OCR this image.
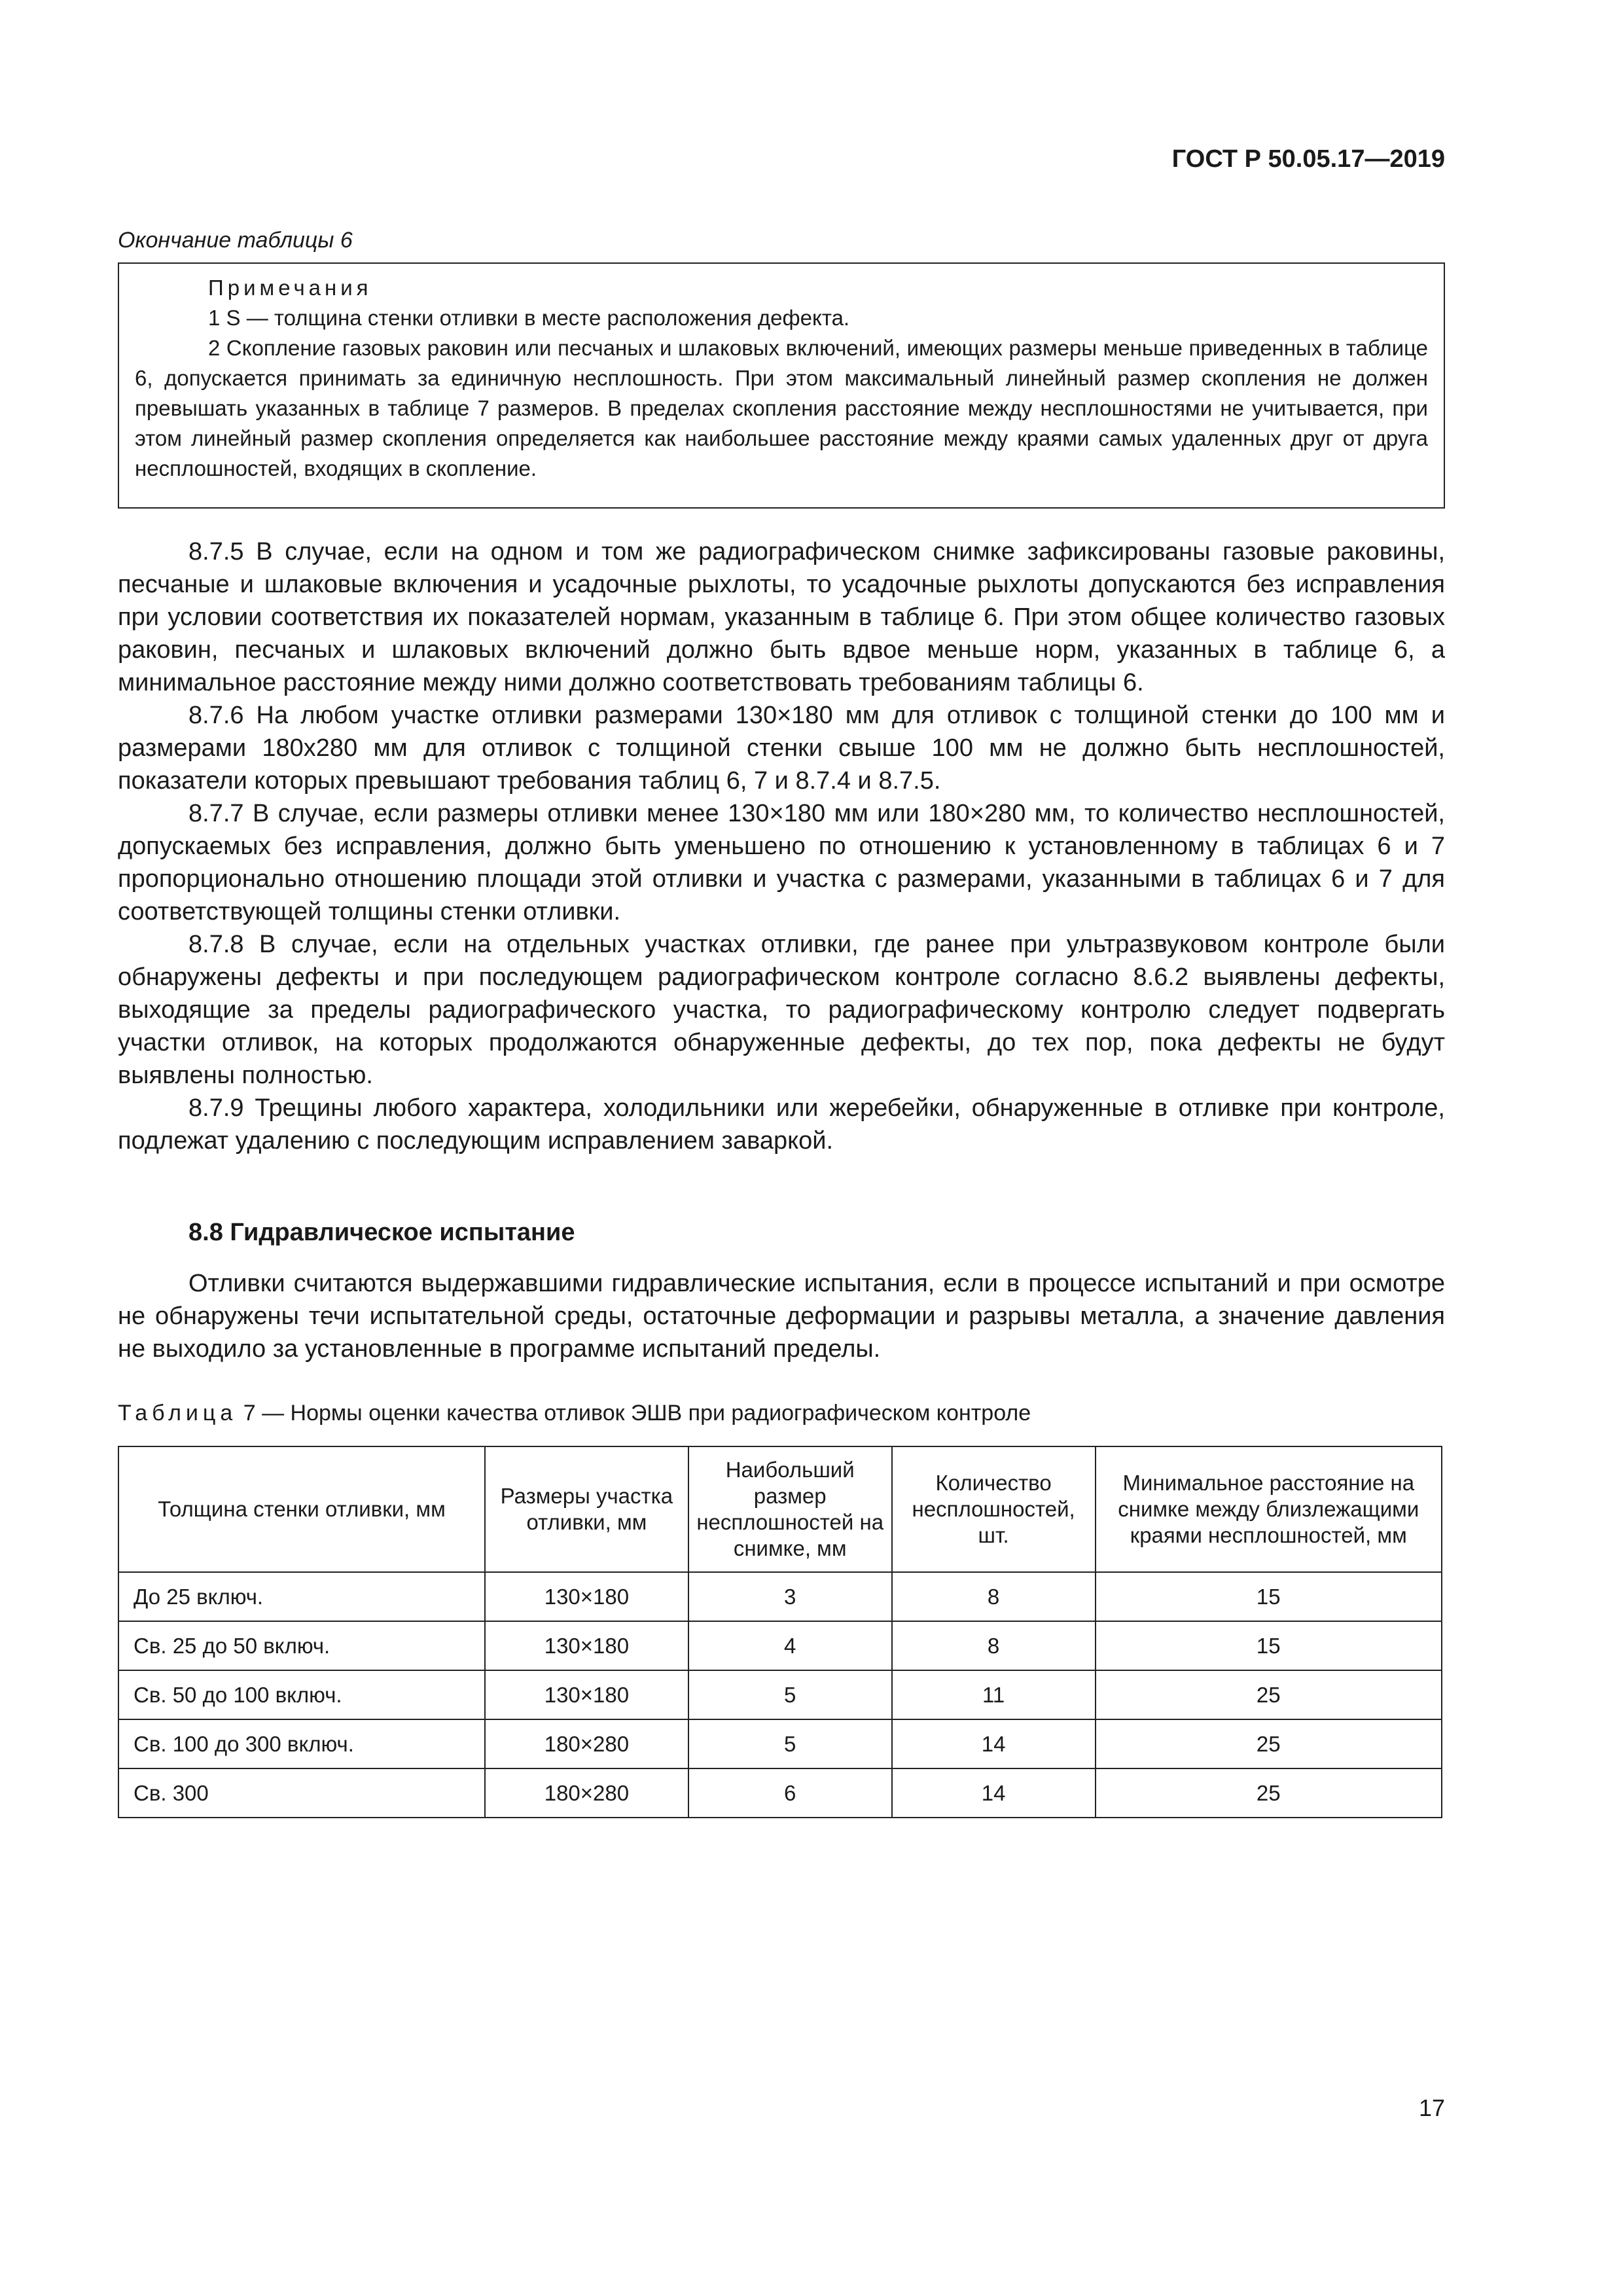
ГОСТ Р 50.05.17—2019
Окончание таблицы 6

Примечания

1 S — толщина стенки отливки в месте расположения дефекта.

2 Скопление газовых раковин или песчаных и шлаковых включений, имеющих размеры меньше приведенных в таблице 6, допускается принимать за единичную несплошность. При этом максимальный линейный размер скопления не должен превышать указанных в таблице 7 размеров. В пределах скопления расстояние между несплошностями не учитывается, при этом линейный размер скопления определяется как наибольшее расстояние между краями самых удаленных друг от друга несплошностей, входящих в скопление.

8.7.5 В случае, если на одном и том же радиографическом снимке зафиксированы газовые раковины, песчаные и шлаковые включения и усадочные рыхлоты, то усадочные рыхлоты допускаются без исправления при условии соответствия их показателей нормам, указанным в таблице 6. При этом общее количество газовых раковин, песчаных и шлаковых включений должно быть вдвое меньше норм, указанных в таблице 6, а минимальное расстояние между ними должно соответствовать требованиям таблицы 6.

8.7.6 На любом участке отливки размерами 130×180 мм для отливок с толщиной стенки до 100 мм и размерами 180х280 мм для отливок с толщиной стенки свыше 100 мм не должно быть несплошностей, показатели которых превышают требования таблиц 6, 7 и 8.7.4 и 8.7.5.

8.7.7 В случае, если размеры отливки менее 130×180 мм или 180×280 мм, то количество несплошностей, допускаемых без исправления, должно быть уменьшено по отношению к установленному в таблицах 6 и 7 пропорционально отношению площади этой отливки и участка с размерами, указанными в таблицах 6 и 7 для соответствующей толщины стенки отливки.

8.7.8 В случае, если на отдельных участках отливки, где ранее при ультразвуковом контроле были обнаружены дефекты и при последующем радиографическом контроле согласно 8.6.2 выявлены дефекты, выходящие за пределы радиографического участка, то радиографическому контролю следует подвергать участки отливок, на которых продолжаются обнаруженные дефекты, до тех пор, пока дефекты не будут выявлены полностью.

8.7.9 Трещины любого характера, холодильники или жеребейки, обнаруженные в отливке при контроле, подлежат удалению с последующим исправлением заваркой.

8.8 Гидравлическое испытание

Отливки считаются выдержавшими гидравлические испытания, если в процессе испытаний и при осмотре не обнаружены течи испытательной среды, остаточные деформации и разрывы металла, а значение давления не выходило за установленные в программе испытаний пределы.

Таблица 7 — Нормы оценки качества отливок ЭШВ при радиографическом контроле
Толщина стенки отливки, мм	Размеры участка отливки, мм	Наибольший размер несплошностей на снимке, мм	Количество несплошностей, шт.	Минимальное расстояние на снимке между близлежащими краями несплошностей, мм
До 25 включ.	130×180	3	8	15
Св. 25 до 50 включ.	130×180	4	8	15
Св. 50 до 100 включ.	130×180	5	11	25
Св. 100 до 300 включ.	180×280	5	14	25
Св. 300	180×280	6	14	25
17
